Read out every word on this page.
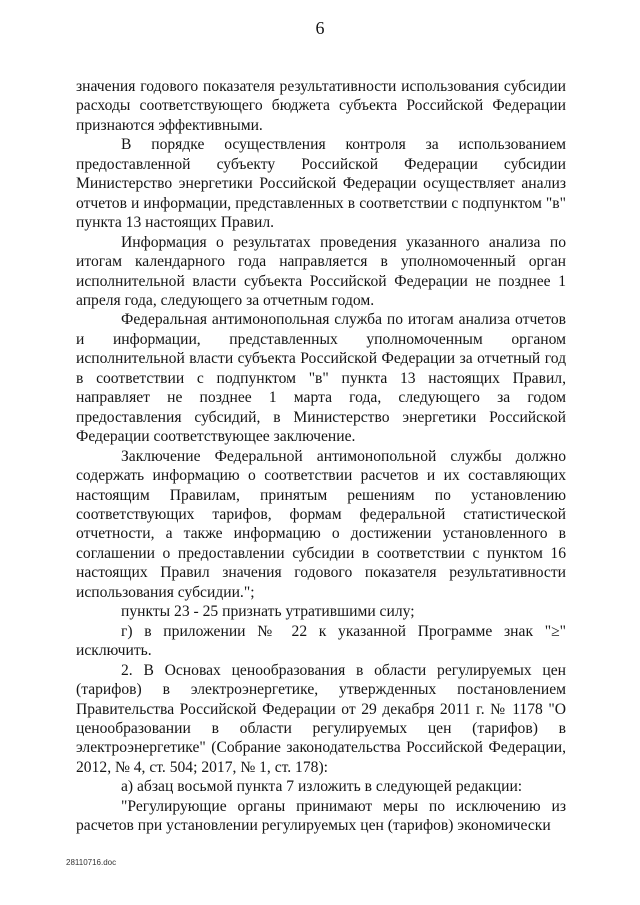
6

значения годового показателя результативности использования субсидии расходы соответствующего бюджета субъекта Российской Федерации признаются эффективными.

В порядке осуществления контроля за использованием предоставленной субъекту Российской Федерации субсидии Министерство энергетики Российской Федерации осуществляет анализ отчетов и информации, представленных в соответствии с подпунктом "в" пункта 13 настоящих Правил.

Информация о результатах проведения указанного анализа по итогам календарного года направляется в уполномоченный орган исполнительной власти субъекта Российской Федерации не позднее 1 апреля года, следующего за отчетным годом.

Федеральная антимонопольная служба по итогам анализа отчетов и информации, представленных уполномоченным органом исполнительной власти субъекта Российской Федерации за отчетный год в соответствии с подпунктом "в" пункта 13 настоящих Правил, направляет не позднее 1 марта года, следующего за годом предоставления субсидий, в Министерство энергетики Российской Федерации соответствующее заключение.

Заключение Федеральной антимонопольной службы должно содержать информацию о соответствии расчетов и их составляющих настоящим Правилам, принятым решениям по установлению соответствующих тарифов, формам федеральной статистической отчетности, а также информацию о достижении установленного в соглашении о предоставлении субсидии в соответствии с пунктом 16 настоящих Правил значения годового показателя результативности использования субсидии.";

пункты 23 - 25 признать утратившими силу;

г) в приложении № 22 к указанной Программе знак "≥" исключить.

2. В Основах ценообразования в области регулируемых цен (тарифов) в электроэнергетике, утвержденных постановлением Правительства Российской Федерации от 29 декабря 2011 г. № 1178 "О ценообразовании в области регулируемых цен (тарифов) в электроэнергетике" (Собрание законодательства Российской Федерации, 2012, № 4, ст. 504; 2017, № 1, ст. 178):

а) абзац восьмой пункта 7 изложить в следующей редакции:

"Регулирующие органы принимают меры по исключению из расчетов при установлении регулируемых цен (тарифов) экономически

28110716.doc
